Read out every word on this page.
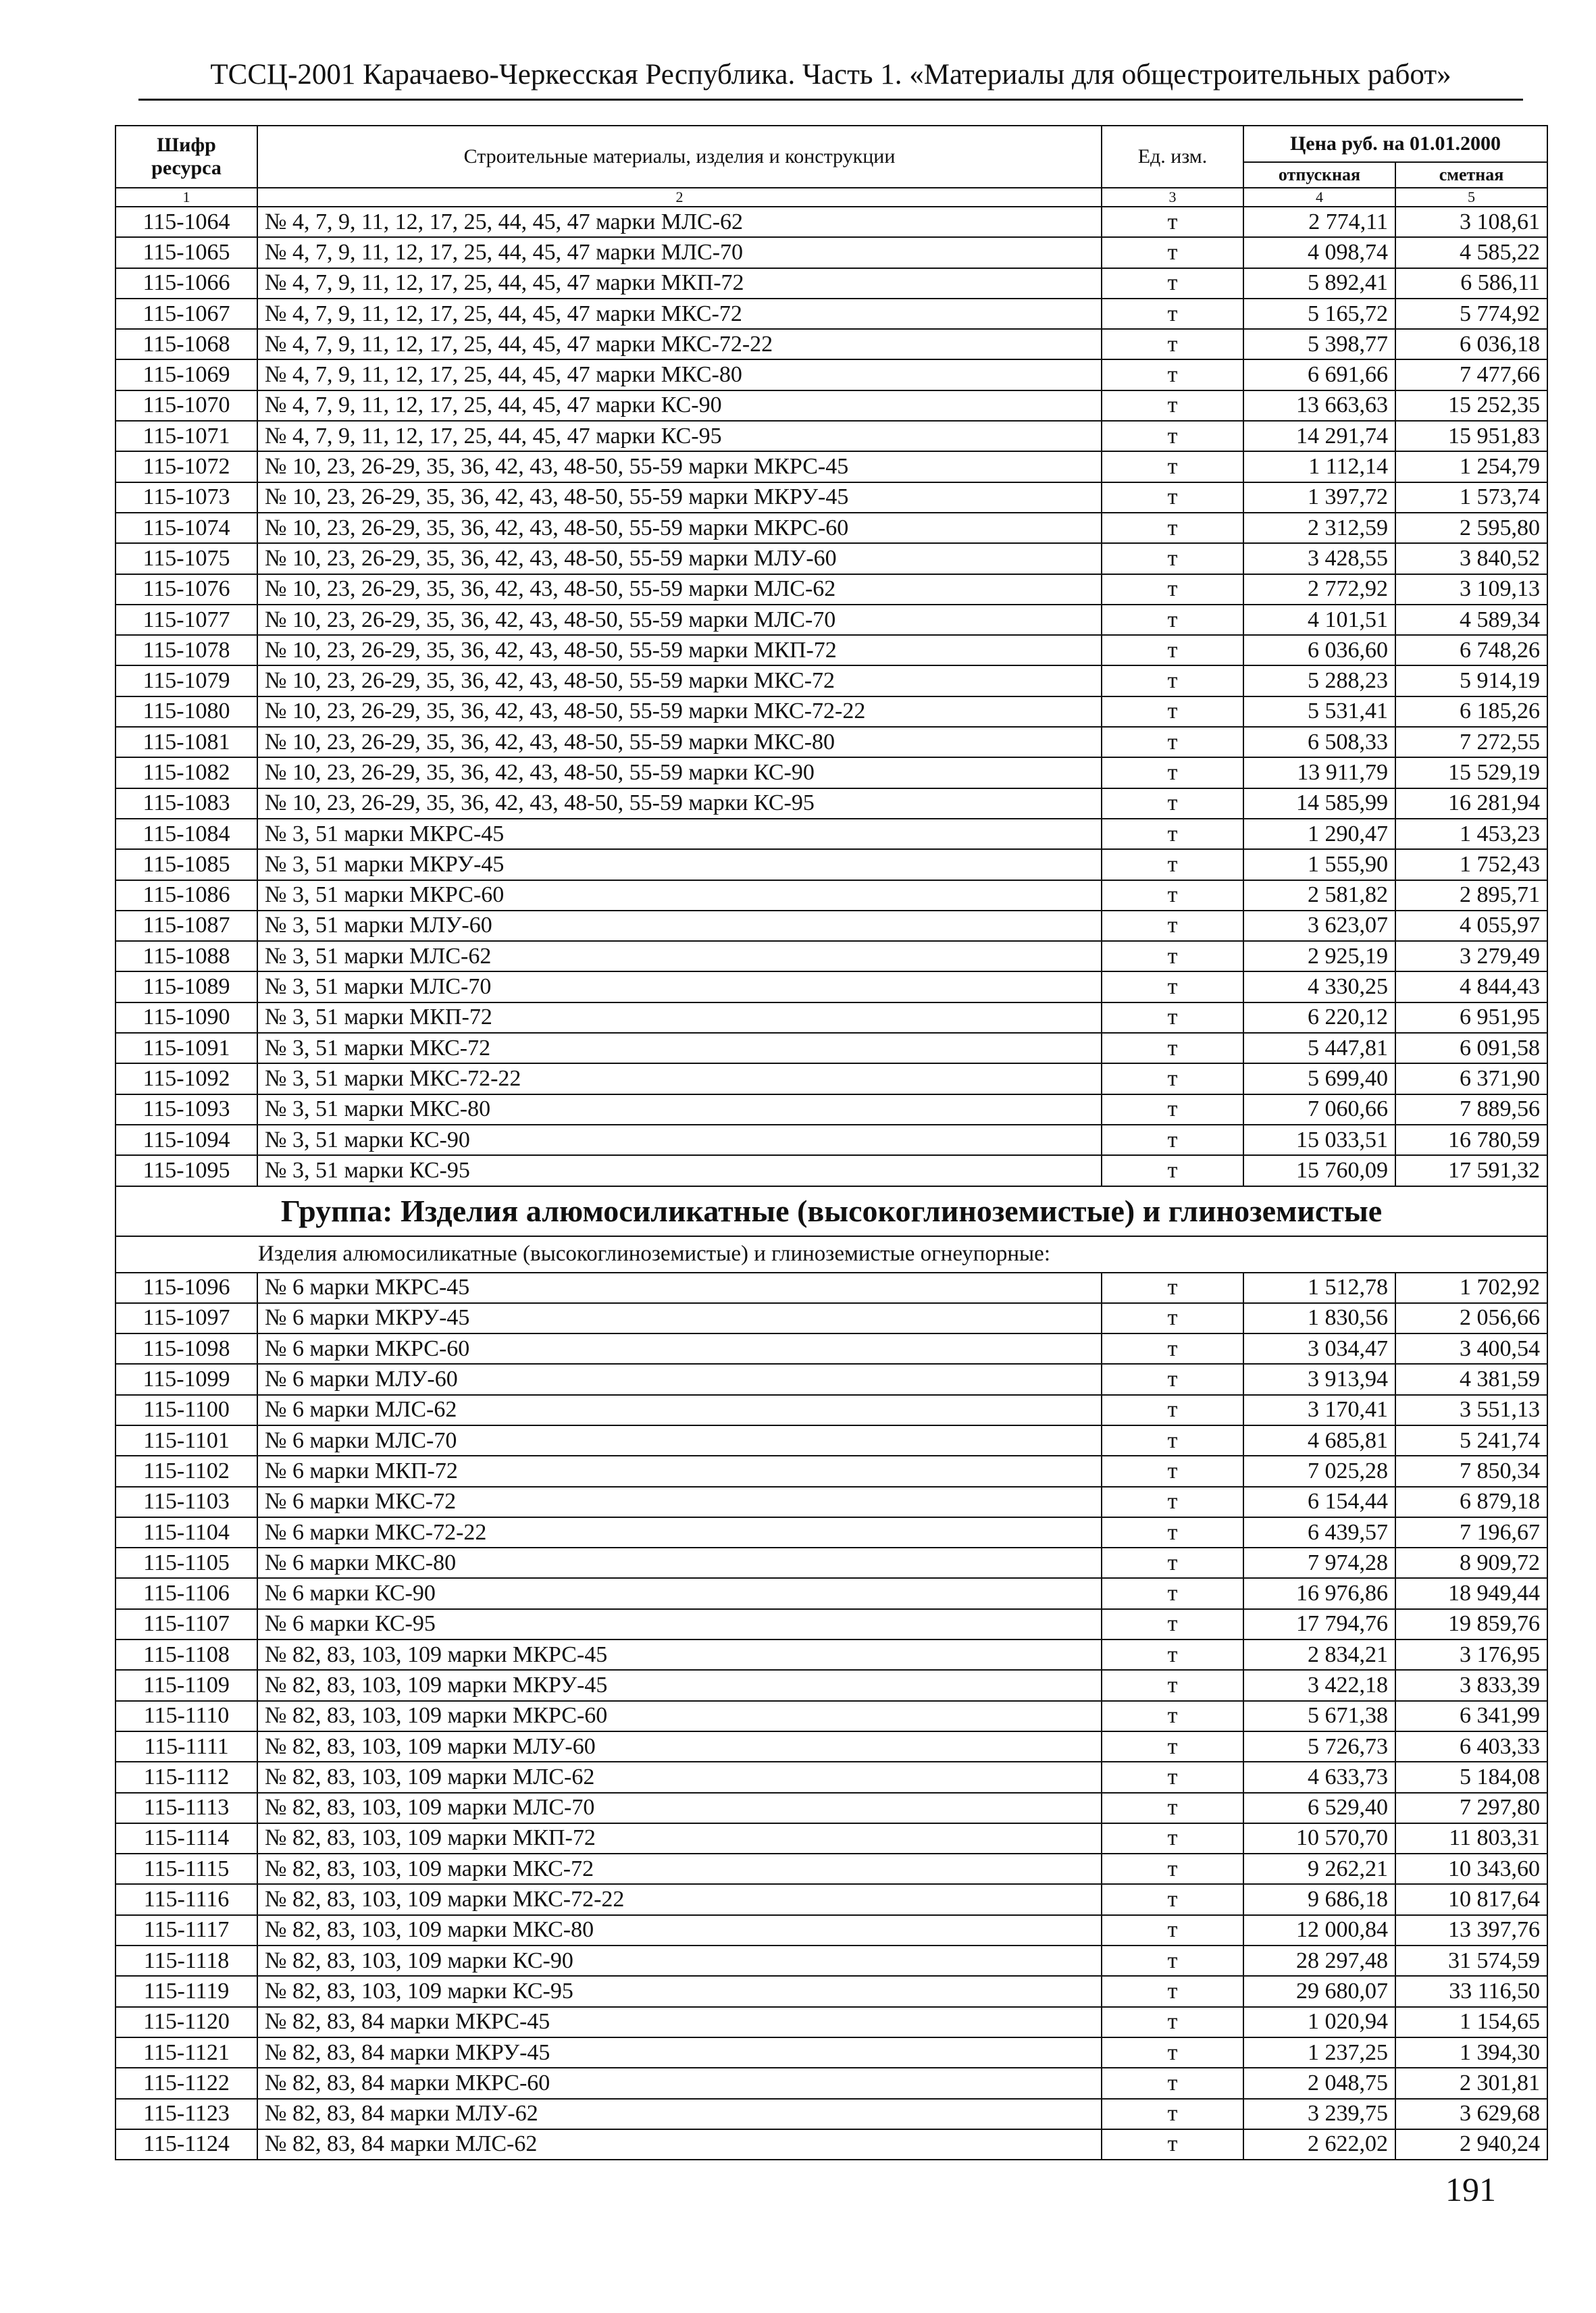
ТССЦ-2001 Карачаево-Черкесская Республика. Часть 1. «Материалы для общестроительных работ»
Шифр ресурса	Строительные материалы, изделия и конструкции	Ед. изм.	Цена руб. на 01.01.2000	
			отпускная	сметная
1	2	3	4	5
115-1064	№ 4, 7, 9, 11, 12, 17, 25, 44, 45, 47 марки МЛС-62	т	2 774,11	3 108,61
115-1065	№ 4, 7, 9, 11, 12, 17, 25, 44, 45, 47 марки МЛС-70	т	4 098,74	4 585,22
115-1066	№ 4, 7, 9, 11, 12, 17, 25, 44, 45, 47 марки МКП-72	т	5 892,41	6 586,11
115-1067	№ 4, 7, 9, 11, 12, 17, 25, 44, 45, 47 марки МКС-72	т	5 165,72	5 774,92
115-1068	№ 4, 7, 9, 11, 12, 17, 25, 44, 45, 47 марки МКС-72-22	т	5 398,77	6 036,18
115-1069	№ 4, 7, 9, 11, 12, 17, 25, 44, 45, 47 марки МКС-80	т	6 691,66	7 477,66
115-1070	№ 4, 7, 9, 11, 12, 17, 25, 44, 45, 47 марки КС-90	т	13 663,63	15 252,35
115-1071	№ 4, 7, 9, 11, 12, 17, 25, 44, 45, 47 марки КС-95	т	14 291,74	15 951,83
115-1072	№ 10, 23, 26-29, 35, 36, 42, 43, 48-50, 55-59 марки МКРС-45	т	1 112,14	1 254,79
115-1073	№ 10, 23, 26-29, 35, 36, 42, 43, 48-50, 55-59 марки МКРУ-45	т	1 397,72	1 573,74
115-1074	№ 10, 23, 26-29, 35, 36, 42, 43, 48-50, 55-59 марки МКРС-60	т	2 312,59	2 595,80
115-1075	№ 10, 23, 26-29, 35, 36, 42, 43, 48-50, 55-59 марки МЛУ-60	т	3 428,55	3 840,52
115-1076	№ 10, 23, 26-29, 35, 36, 42, 43, 48-50, 55-59 марки МЛС-62	т	2 772,92	3 109,13
115-1077	№ 10, 23, 26-29, 35, 36, 42, 43, 48-50, 55-59 марки МЛС-70	т	4 101,51	4 589,34
115-1078	№ 10, 23, 26-29, 35, 36, 42, 43, 48-50, 55-59 марки МКП-72	т	6 036,60	6 748,26
115-1079	№ 10, 23, 26-29, 35, 36, 42, 43, 48-50, 55-59 марки МКС-72	т	5 288,23	5 914,19
115-1080	№ 10, 23, 26-29, 35, 36, 42, 43, 48-50, 55-59 марки МКС-72-22	т	5 531,41	6 185,26
115-1081	№ 10, 23, 26-29, 35, 36, 42, 43, 48-50, 55-59 марки МКС-80	т	6 508,33	7 272,55
115-1082	№ 10, 23, 26-29, 35, 36, 42, 43, 48-50, 55-59 марки КС-90	т	13 911,79	15 529,19
115-1083	№ 10, 23, 26-29, 35, 36, 42, 43, 48-50, 55-59 марки КС-95	т	14 585,99	16 281,94
115-1084	№ 3, 51 марки МКРС-45	т	1 290,47	1 453,23
115-1085	№ 3, 51 марки МКРУ-45	т	1 555,90	1 752,43
115-1086	№ 3, 51 марки МКРС-60	т	2 581,82	2 895,71
115-1087	№ 3, 51 марки МЛУ-60	т	3 623,07	4 055,97
115-1088	№ 3, 51 марки МЛС-62	т	2 925,19	3 279,49
115-1089	№ 3, 51 марки МЛС-70	т	4 330,25	4 844,43
115-1090	№ 3, 51 марки МКП-72	т	6 220,12	6 951,95
115-1091	№ 3, 51 марки МКС-72	т	5 447,81	6 091,58
115-1092	№ 3, 51 марки МКС-72-22	т	5 699,40	6 371,90
115-1093	№ 3, 51 марки МКС-80	т	7 060,66	7 889,56
115-1094	№ 3, 51 марки КС-90	т	15 033,51	16 780,59
115-1095	№ 3, 51 марки КС-95	т	15 760,09	17 591,32
Группа: Изделия алюмосиликатные (высокоглиноземистые) и глиноземистые				
Изделия алюмосиликатные (высокоглиноземистые) и глиноземистые огнеупорные:				
115-1096	№ 6 марки МКРС-45	т	1 512,78	1 702,92
115-1097	№ 6 марки МКРУ-45	т	1 830,56	2 056,66
115-1098	№ 6 марки МКРС-60	т	3 034,47	3 400,54
115-1099	№ 6 марки МЛУ-60	т	3 913,94	4 381,59
115-1100	№ 6 марки МЛС-62	т	3 170,41	3 551,13
115-1101	№ 6 марки МЛС-70	т	4 685,81	5 241,74
115-1102	№ 6 марки МКП-72	т	7 025,28	7 850,34
115-1103	№ 6 марки МКС-72	т	6 154,44	6 879,18
115-1104	№ 6 марки МКС-72-22	т	6 439,57	7 196,67
115-1105	№ 6 марки МКС-80	т	7 974,28	8 909,72
115-1106	№ 6 марки КС-90	т	16 976,86	18 949,44
115-1107	№ 6 марки КС-95	т	17 794,76	19 859,76
115-1108	№ 82, 83, 103, 109 марки МКРС-45	т	2 834,21	3 176,95
115-1109	№ 82, 83, 103, 109 марки МКРУ-45	т	3 422,18	3 833,39
115-1110	№ 82, 83, 103, 109 марки МКРС-60	т	5 671,38	6 341,99
115-1111	№ 82, 83, 103, 109 марки МЛУ-60	т	5 726,73	6 403,33
115-1112	№ 82, 83, 103, 109 марки МЛС-62	т	4 633,73	5 184,08
115-1113	№ 82, 83, 103, 109 марки МЛС-70	т	6 529,40	7 297,80
115-1114	№ 82, 83, 103, 109 марки МКП-72	т	10 570,70	11 803,31
115-1115	№ 82, 83, 103, 109 марки МКС-72	т	9 262,21	10 343,60
115-1116	№ 82, 83, 103, 109 марки МКС-72-22	т	9 686,18	10 817,64
115-1117	№ 82, 83, 103, 109 марки МКС-80	т	12 000,84	13 397,76
115-1118	№ 82, 83, 103, 109 марки КС-90	т	28 297,48	31 574,59
115-1119	№ 82, 83, 103, 109 марки КС-95	т	29 680,07	33 116,50
115-1120	№ 82, 83, 84 марки МКРС-45	т	1 020,94	1 154,65
115-1121	№ 82, 83, 84 марки МКРУ-45	т	1 237,25	1 394,30
115-1122	№ 82, 83, 84 марки МКРС-60	т	2 048,75	2 301,81
115-1123	№ 82, 83, 84 марки МЛУ-62	т	3 239,75	3 629,68
115-1124	№ 82, 83, 84 марки МЛС-62	т	2 622,02	2 940,24
191
